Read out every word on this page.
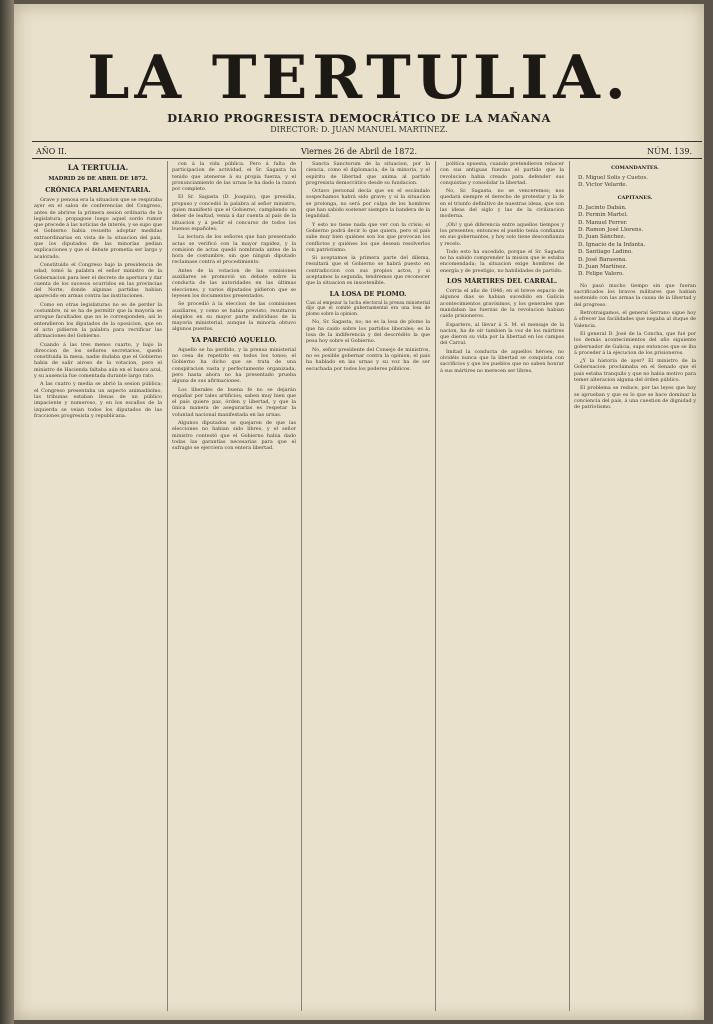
LA TERTULIA.
DIARIO PROGRESISTA DEMOCRÁTICO DE LA MAÑANA
DIRECTOR: D. JUAN MANUEL MARTINEZ.
AÑO II.	Viernes 26 de Abril de 1872.	NÚM. 139.
LA TERTULIA.
MADRID 26 DE ABRIL DE 1872.
CRÓNICA PARLAMENTARIA.

Grave y penosa era la situacion que se respiraba ayer en el salon de conferencias del Congreso, antes de abrirse la primera sesion ordinaria de la legislatura; propagose luego aquel sordo rumor que precede á las noticias de interés, y se supo que el Gobierno habia resuelto adoptar medidas extraordinarias en vista de la situacion del país, que los diputados de las minorías pedian explicaciones y que el debate prometia ser largo y acalorado.

Constituido el Congreso bajo la presidencia de edad, tomó la palabra el señor ministro de la Gobernacion para leer el decreto de apertura y dar cuenta de los sucesos ocurridos en las provincias del Norte, donde algunas partidas habian aparecido en armas contra las instituciones.

Como en otras legislaturas no es de perder la costumbre, ni se ha de permitir que la mayoría se arrogue facultades que no le corresponden; así lo entendieron los diputados de la oposicion, que en el acto pidieron la palabra para rectificar las afirmaciones del Gobierno.

Cuando á las tres menos cuarto, y bajo la direccion de los señores secretarios, quedó constituida la mesa, nadie dudaba que el Gobierno habia de salir airoso de la votacion, pero el ministro de Hacienda faltaba aún en el banco azul, y su ausencia fue comentada durante largo rato.

A las cuatro y media se abrió la sesion pública; el Congreso presentaba un aspecto animadísimo, las tribunas estaban llenas de un público impaciente y numeroso, y en los escaños de la izquierda se veian todos los diputados de las fracciones progresista y republicana.

con á la vida pública. Pero á falta de participacion de actividad, el Sr. Sagasta ha tenido que atenerse á su propia fuerza, y el pronunciamiento de las urnas le ha dado la razon por completo.

El Sr. Sagasta (D. Joaquin), que presidia, propuso y concedió la palabra al señor ministro, quien manifestó que el Gobierno, cumpliendo un deber de lealtad, venia á dar cuenta al país de la situacion y á pedir el concurso de todos los buenos españoles.

La lectura de los señores que han presentado actas se verificó con la mayor rapidez, y la comision de actas quedó nombrada antes de la hora de costumbre, sin que ningun diputado reclamase contra el procedimiento.

Antes de la votacion de las comisiones auxiliares se promovió un debate sobre la conducta de las autoridades en las últimas elecciones, y varios diputados pidieron que se leyesen los documentos presentados.

Se procedió á la eleccion de las comisiones auxiliares, y como se habia previsto, resultaron elegidos en su mayor parte individuos de la mayoría ministerial, aunque la minoría obtuvo algunos puestos.

YA PARECIÓ AQUELLO.

Aquello se ha perdido, y la prensa ministerial no cesa de repetirlo en todos los tonos; el Gobierno ha dicho que se trata de una conspiracion vasta y perfectamente organizada, pero hasta ahora no ha presentado prueba alguna de sus afirmaciones.

Los liberales de buena fe no se dejarán engañar por tales artificios; saben muy bien que el país quiere paz, órden y libertad, y que la única manera de asegurarlas es respetar la voluntad nacional manifestada en las urnas.

Algunos diputados se quejaron de que las elecciones no habian sido libres, y el señor ministro contestó que el Gobierno habia dado todas las garantías necesarias para que el sufragio se ejerciera con entera libertad.

Sancta Sanctorum de la situacion, por la ciencia, como el diplomacia, de la minoria, y el espíritu de libertad que anima al partido progresista democrático desde su fundacion.

Octavo personal decia que en el escándalo sospechamos habrá sido grave; y si la situacion se prolonga, no será por culpa de los hombres que han sabido sostener siempre la bandera de la legalidad.

Y esto no tiene nada que ver con la crisis; el Gobierno podrá decir lo que quiera, pero el país sabe muy bien quiénes son los que provocan los conflictos y quiénes los que desean resolverlos con patriotismo.

Si aceptamos la primera parte del dilema, resultará que el Gobierno se habrá puesto en contradiccion con sus propios actos, y si aceptamos la segunda, tendremos que reconocer que la situacion es insostenible.

LA LOSA DE PLOMO.

Casi al empezar la lucha electoral la prensa ministerial dijo que el comité gubernamental era una losa de plomo sobre la opinion.

No, Sr. Sagasta, no; no es la losa de plomo la que ha caido sobre los partidos liberales; es la losa de la indiferencia y del descrédito la que pesa hoy sobre el Gobierno.

No, señor presidente del Consejo de ministros, no es posible gobernar contra la opinion; el país ha hablado en las urnas y su voz ha de ser escuchada por todos los poderes públicos.

politica opuesta, cuando pretendieron rehacer con sus antiguas fuerzas el partido que la revolucion habia creado para defender sus conquistas y consolidar la libertad.

No, Sr. Sagasta, no se venceremos; nos quedará siempre el derecho de protestar y la fe en el triunfo definitivo de nuestras ideas, que son las ideas del siglo y las de la civilizacion moderna.

¡Oh! y qué diferencia entre aquellos tiempos y los presentes; entonces el pueblo tenia confianza en sus gobernantes, y hoy solo tiene desconfianza y recelo.

Todo esto ha sucedido, porque el Sr. Sagasta no ha sabido comprender la mision que le estaba encomendada; la situacion exige hombres de energía y de prestigio, no habilidades de partido.

LOS MÁRTIRES DEL CARRAL.

Corria el año de 1846; en el breve espacio de algunos dias se habian sucedido en Galicia acontecimientos gravísimos, y los generales que mandaban las fuerzas de la revolucion habian caido prisioneros.

Espartero, al llevar á S. M. el mensaje de la nacion, ha de oir tambien la voz de los mártires que dieron su vida por la libertad en los campos del Carral.

Imitad la conducta de aquellos héroes; no olvidéis nunca que la libertad se conquista con sacrificios y que los pueblos que no saben honrar á sus mártires no merecen ser libres.

COMANDANTES.
D. Miguel Solis y Cuetos.
D. Victor Velarde.
CAPITANES.
D. Jacinto Dabán.
D. Fermin Martel.
D. Manuel Ferrer.
D. Ramon José Llorens.
D. Juan Sánchez.
D. Ignacio de la Infanta.
D. Santiago Ladino.
D. José Barasona.
D. Juan Martínez.
D. Felipe Valero.

No pasó mucho tiempo sin que fueran sacrificados los bravos militares que habian sostenido con las armas la causa de la libertad y del progreso.

Retrotraigamos, el general Serrano sigue hoy á ofrecer las facilidades que negaba al duque de Valencia.

El general D. José de la Concha, que fué por los demás acontecimientos del año siguiente gobernador de Galicia, supo entonces que se iba á proceder á la ejecucion de los prisioneros.

¿Y la historia de ayer? El ministro de la Gobernacion proclamaba en el Senado que el país estaba tranquilo y que no habia motivo para temer alteracion alguna del órden público.

El problema se reduce, por las leyes que hoy se aprueban y que es lo que se hace dominar la conciencia del país, á una cuestion de dignidad y de patriotismo.
